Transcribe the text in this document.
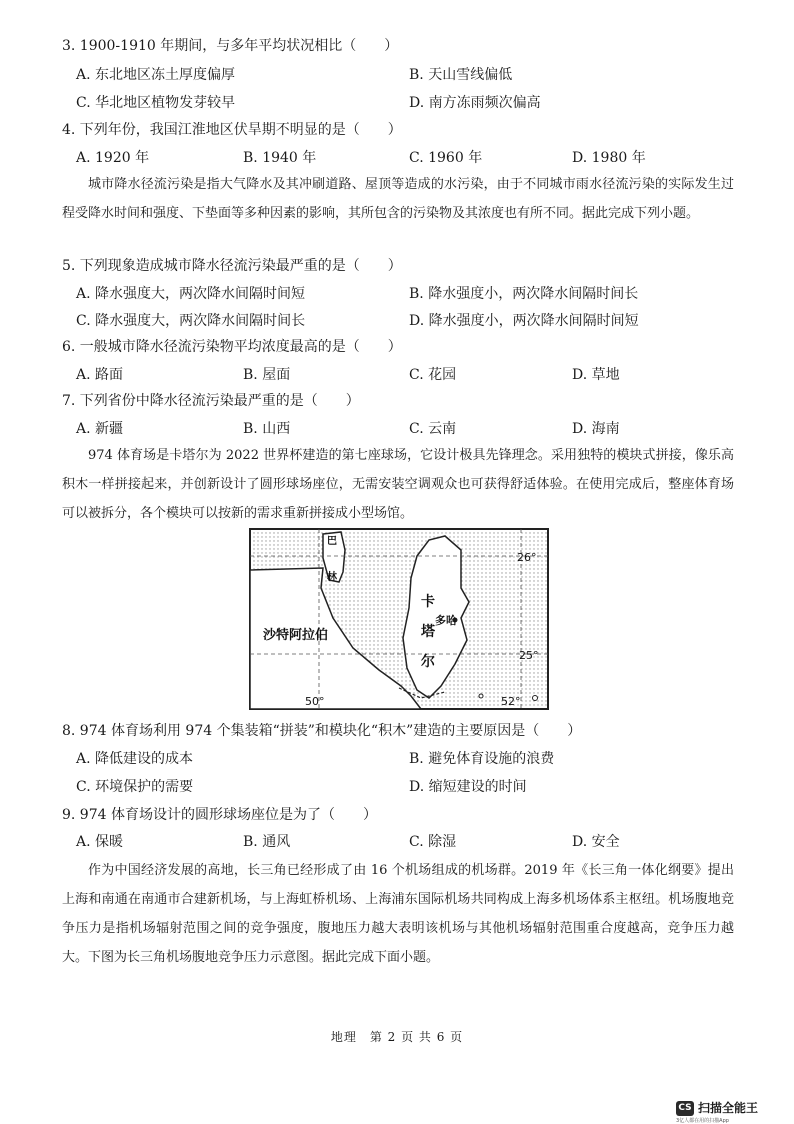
3. 1900-1910 年期间，与多年平均状况相比（　　）
A. 东北地区冻土厚度偏厚	B. 天山雪线偏低
C. 华北地区植物发芽较早	D. 南方冻雨频次偏高
4. 下列年份，我国江淮地区伏旱期不明显的是（　　）
A. 1920 年	B. 1940 年	C. 1960 年	D. 1980 年

城市降水径流污染是指大气降水及其冲刷道路、屋顶等造成的水污染，由于不同城市雨水径流污染的实际发生过程受降水时间和强度、下垫面等多种因素的影响，其所包含的污染物及其浓度也有所不同。据此完成下列小题。

5. 下列现象造成城市降水径流污染最严重的是（　　）
A. 降水强度大，两次降水间隔时间短	B. 降水强度小，两次降水间隔时间长
C. 降水强度大，两次降水间隔时间长	D. 降水强度小，两次降水间隔时间短
6. 一般城市降水径流污染物平均浓度最高的是（　　）
A. 路面	B. 屋面	C. 花园	D. 草地
7. 下列省份中降水径流污染最严重的是（　　）
A. 新疆	B. 山西	C. 云南	D. 海南

974 体育场是卡塔尔为 2022 世界杯建造的第七座球场，它设计极具先锋理念。采用独特的模块式拼接，像乐高积木一样拼接起来，并创新设计了圆形球场座位，无需安装空调观众也可获得舒适体验。在使用完成后，整座体育场可以被拆分，各个模块可以按新的需求重新拼接成小型场馆。

沙特阿拉伯
卡
塔
尔
多哈
巴
林
26°
25°
50°	52°
8. 974 体育场利用 974 个集装箱“拼装”和模块化“积木”建造的主要原因是（　　）
A. 降低建设的成本	B. 避免体育设施的浪费
C. 环境保护的需要	D. 缩短建设的时间
9. 974 体育场设计的圆形球场座位是为了（　　）
A. 保暖	B. 通风	C. 除湿	D. 安全

作为中国经济发展的高地，长三角已经形成了由 16 个机场组成的机场群。2019 年《长三角一体化纲要》提出上海和南通在南通市合建新机场，与上海虹桥机场、上海浦东国际机场共同构成上海多机场体系主枢纽。机场腹地竞争压力是指机场辐射范围之间的竞争强度，腹地压力越大表明该机场与其他机场辐射范围重合度越高，竞争压力越大。下图为长三角机场腹地竞争压力示意图。据此完成下面小题。

地理　第 2 页 共 6 页
CS 扫描全能王
3亿人都在用的扫描App
